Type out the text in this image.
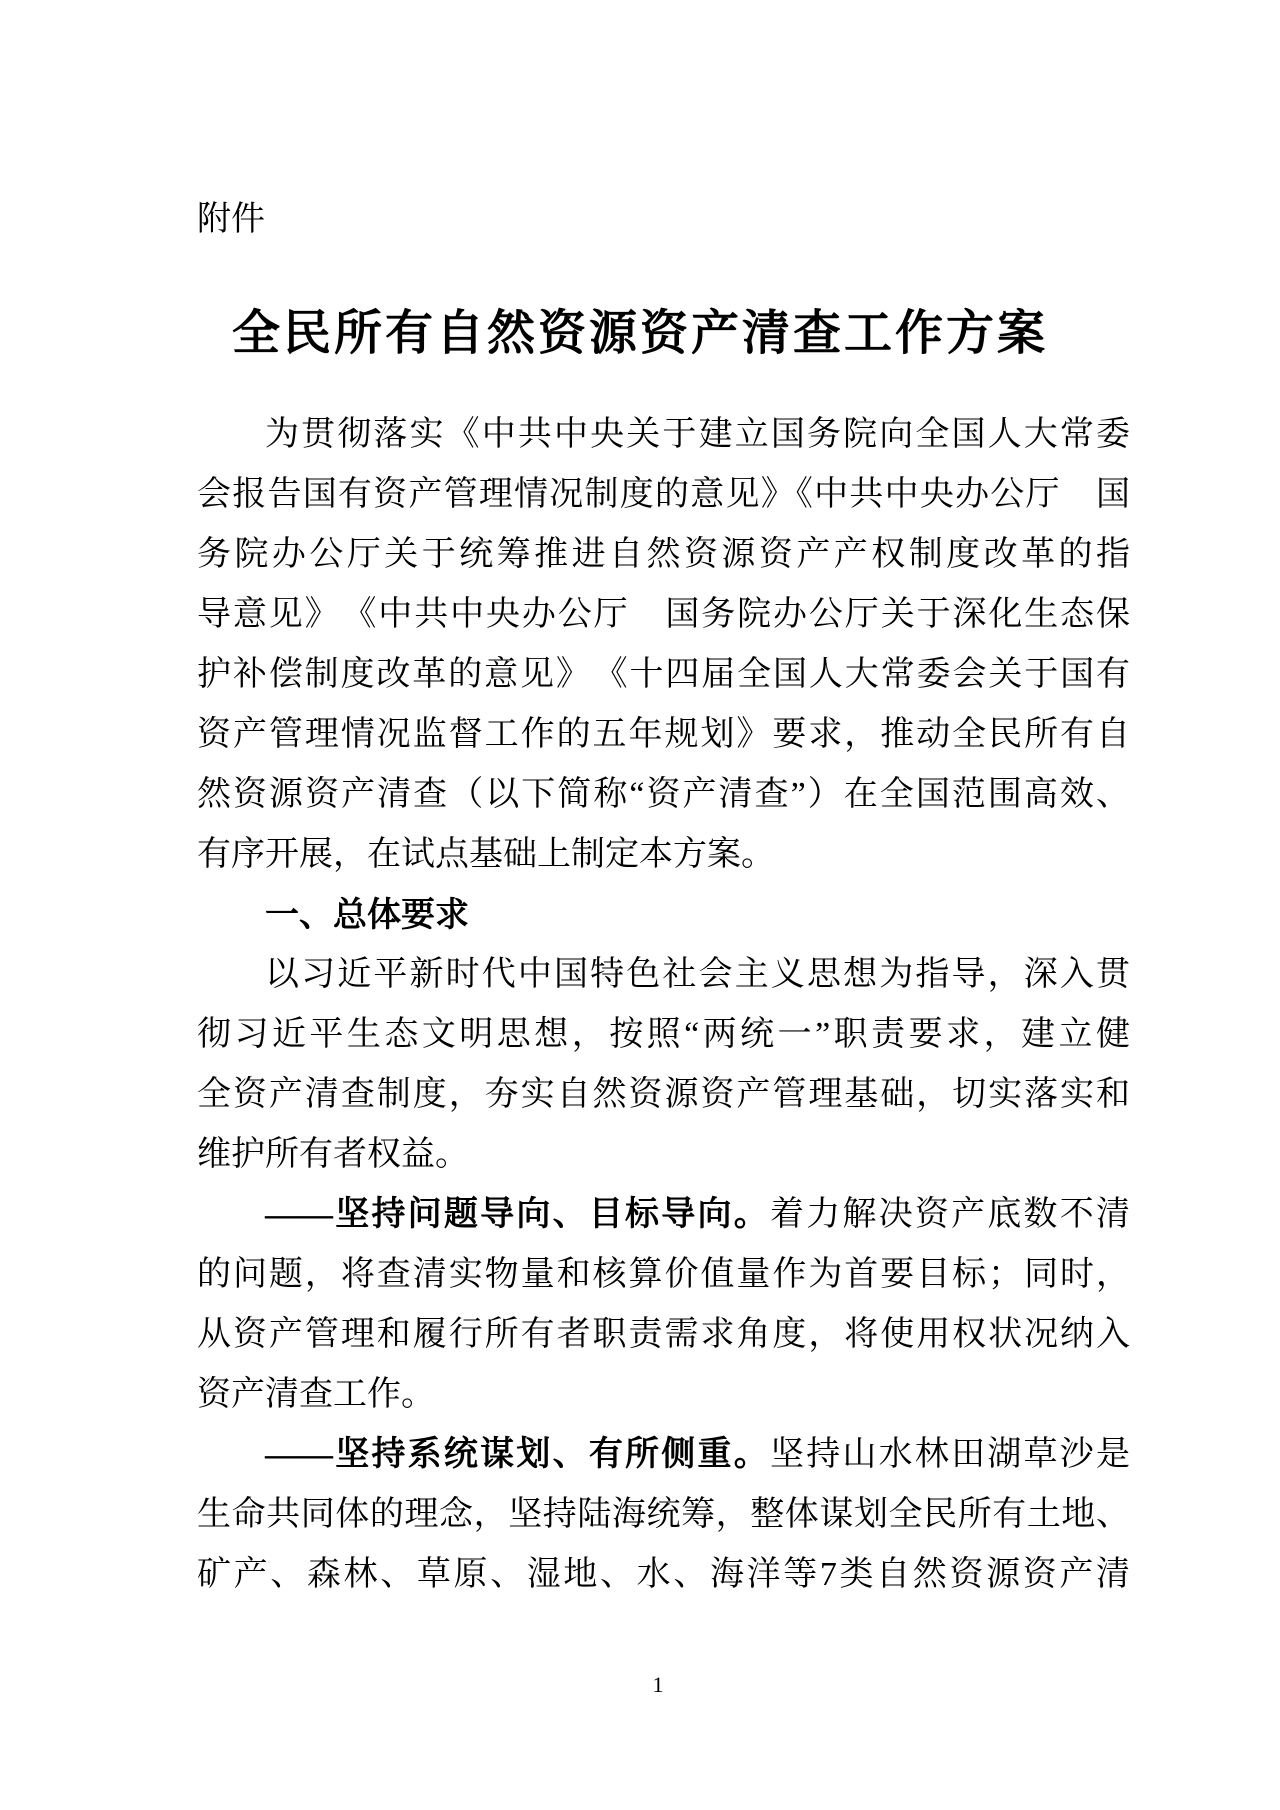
附件
全民所有自然资源资产清查工作方案
为贯彻落实《中共中央关于建立国务院向全国人大常委
会报告国有资产管理情况制度的意见》《中共中央办公厅　国
务院办公厅关于统筹推进自然资源资产产权制度改革的指
导意见》　《中共中央办公厅　国务院办公厅关于深化生态保
护补偿制度改革的意见》　《十四届全国人大常委会关于国有
资产管理情况监督工作的五年规划》要求，推动全民所有自
然资源资产清查（以下简称“资产清查”）在全国范围高效、
有序开展，在试点基础上制定本方案。
一、总体要求
以习近平新时代中国特色社会主义思想为指导，深入贯
彻习近平生态文明思想，按照“两统一”职责要求，建立健
全资产清查制度，夯实自然资源资产管理基础，切实落实和
维护所有者权益。
——坚持问题导向、目标导向。着力解决资产底数不清
的问题，将查清实物量和核算价值量作为首要目标；同时，
从资产管理和履行所有者职责需求角度，将使用权状况纳入
资产清查工作。
——坚持系统谋划、有所侧重。坚持山水林田湖草沙是
生命共同体的理念，坚持陆海统筹，整体谋划全民所有土地、
矿产、森林、草原、湿地、水、海洋等7类自然资源资产清
1
